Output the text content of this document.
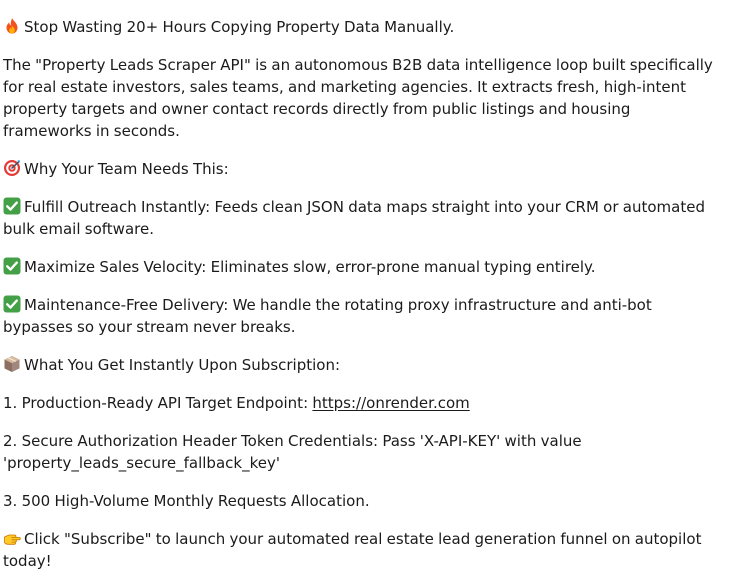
Stop Wasting 20+ Hours Copying Property Data Manually.

The "Property Leads Scraper API" is an autonomous B2B data intelligence loop built specifically for real estate investors, sales teams, and marketing agencies. It extracts fresh, high-intent property targets and owner contact records directly from public listings and housing frameworks in seconds.

Why Your Team Needs This:

Fulfill Outreach Instantly: Feeds clean JSON data maps straight into your CRM or automated bulk email software.

Maximize Sales Velocity: Eliminates slow, error-prone manual typing entirely.

Maintenance-Free Delivery: We handle the rotating proxy infrastructure and anti-bot bypasses so your stream never breaks.

What You Get Instantly Upon Subscription:

1. Production-Ready API Target Endpoint: https://onrender.com

2. Secure Authorization Header Token Credentials: Pass 'X-API-KEY' with value 'property_leads_secure_fallback_key'

3. 500 High-Volume Monthly Requests Allocation.

Click "Subscribe" to launch your automated real estate lead generation funnel on autopilot today!
